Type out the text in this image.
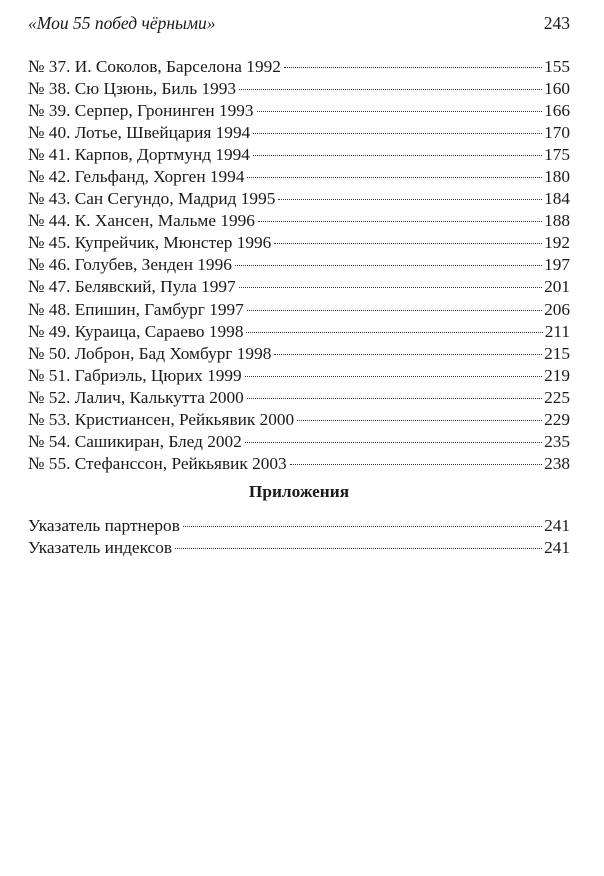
«Мои 55 побед чёрными»	243
№ 37. И. Соколов, Барселона 1992	155
№ 38. Сю Цзюнь, Биль 1993	160
№ 39. Серпер, Гронинген 1993	166
№ 40. Лотье, Швейцария 1994	170
№ 41. Карпов, Дортмунд 1994	175
№ 42. Гельфанд, Хорген 1994	180
№ 43. Сан Сегундо, Мадрид 1995	184
№ 44. К. Хансен, Мальме 1996	188
№ 45. Купрейчик, Мюнстер 1996	192
№ 46. Голубев, Зенден 1996	197
№ 47. Белявский, Пула 1997	201
№ 48. Епишин, Гамбург 1997	206
№ 49. Кураица, Сараево 1998	211
№ 50. Лоброн, Бад Хомбург 1998	215
№ 51. Габриэль, Цюрих 1999	219
№ 52. Лалич, Калькутта 2000	225
№ 53. Кристиансен, Рейкьявик 2000	229
№ 54. Сашикиран, Блед 2002	235
№ 55. Стефанссон, Рейкьявик 2003	238
Приложения
Указатель партнеров	241
Указатель индексов	241
